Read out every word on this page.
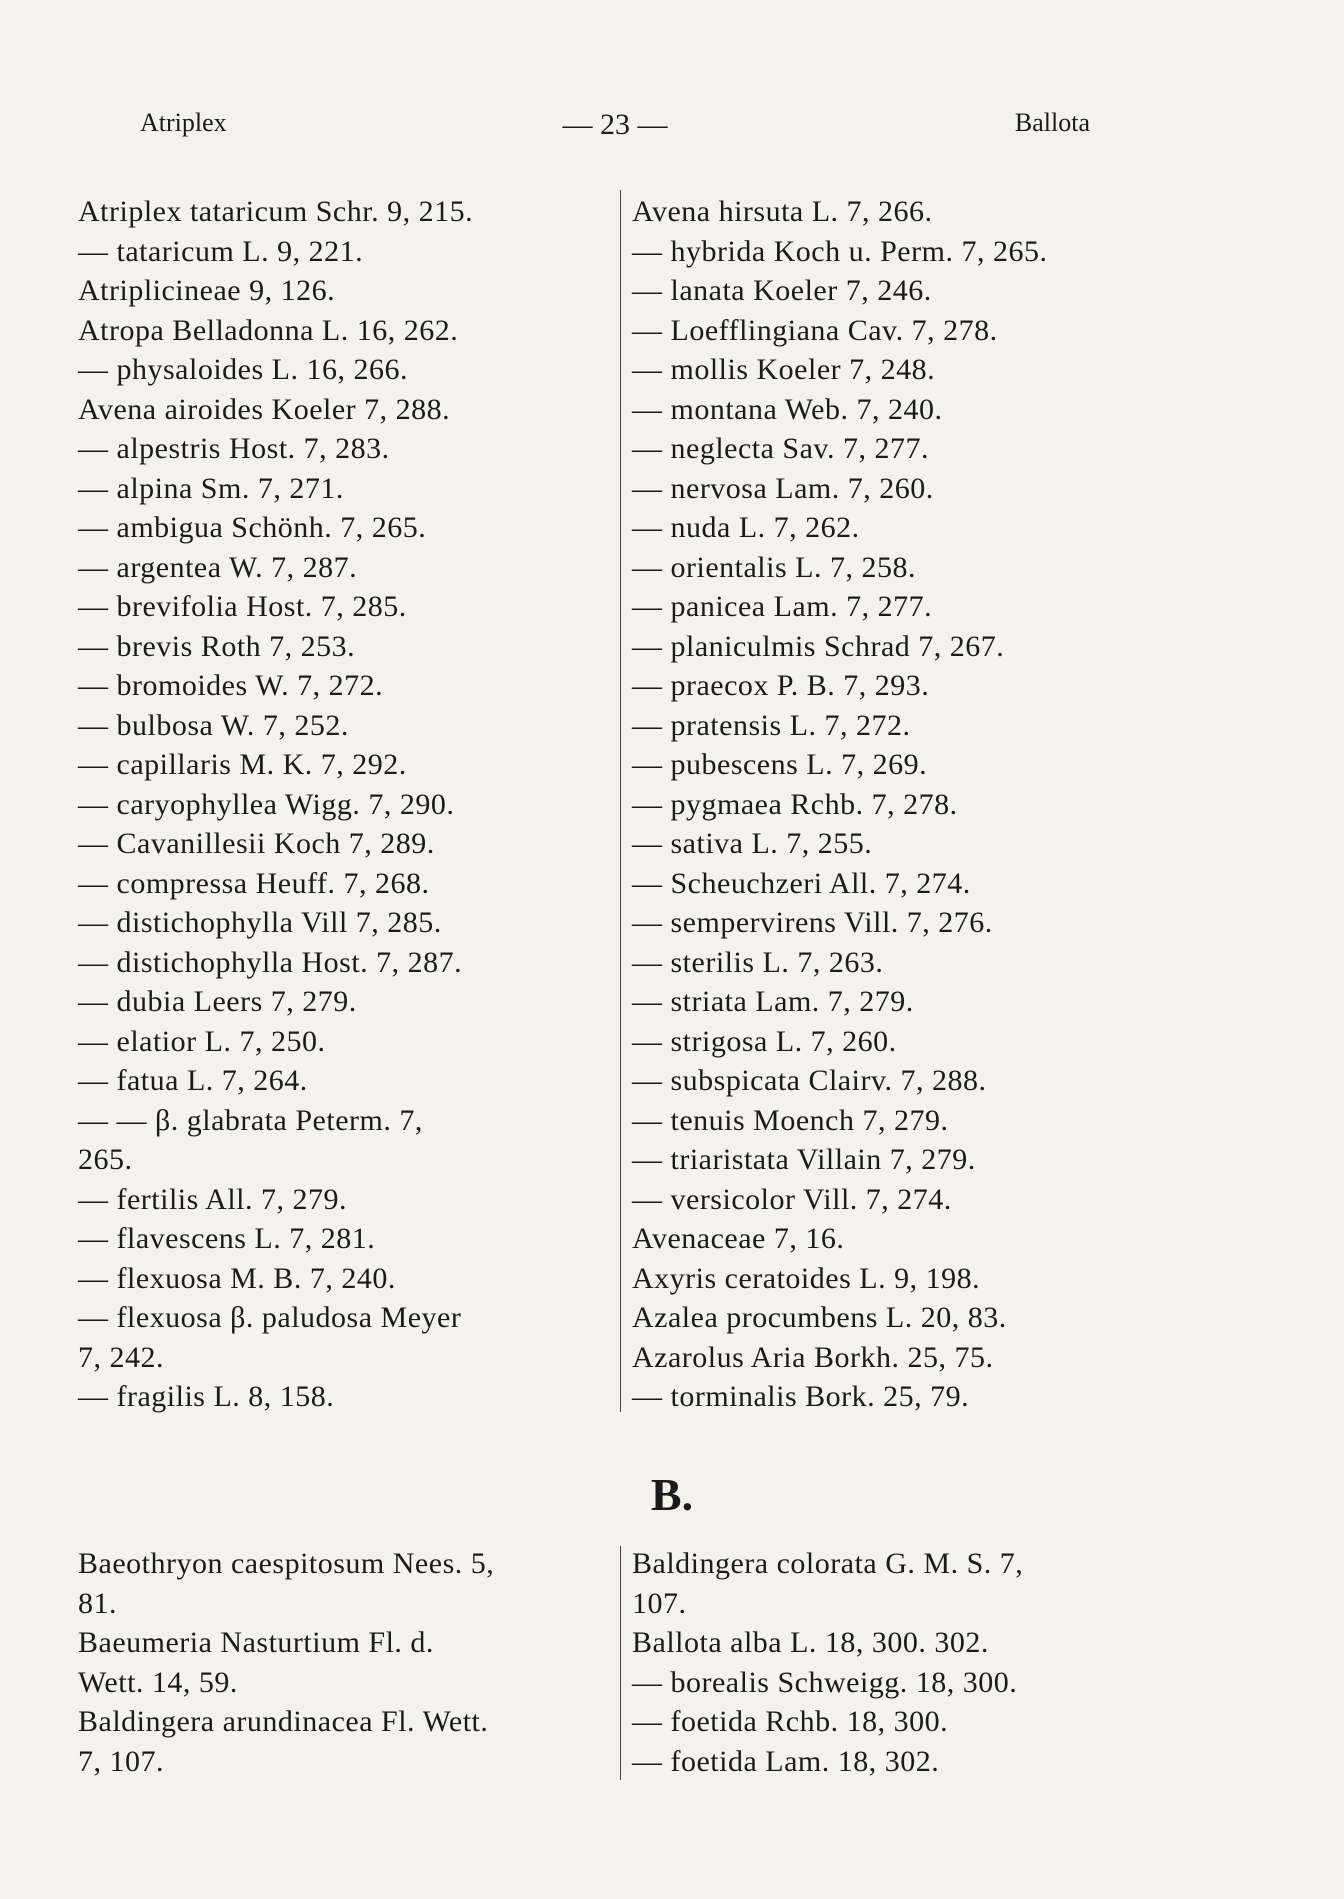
Atriplex	— 23 —	Ballota
Atriplex tataricum Schr. 9, 215.
— tataricum L. 9, 221.
Atriplicineae 9, 126.
Atropa Belladonna L. 16, 262.
— physaloides L. 16, 266.
Avena airoides Koeler 7, 288.
— alpestris Host. 7, 283.
— alpina Sm. 7, 271.
— ambigua Schönh. 7, 265.
— argentea W. 7, 287.
— brevifolia Host. 7, 285.
— brevis Roth 7, 253.
— bromoides W. 7, 272.
— bulbosa W. 7, 252.
— capillaris M. K. 7, 292.
— caryophyllea Wigg. 7, 290.
— Cavanillesii Koch 7, 289.
— compressa Heuff. 7, 268.
— distichophylla Vill 7, 285.
— distichophylla Host. 7, 287.
— dubia Leers 7, 279.
— elatior L. 7, 250.
— fatua L. 7, 264.
— — β. glabrata Peterm. 7,
265.
— fertilis All. 7, 279.
— flavescens L. 7, 281.
— flexuosa M. B. 7, 240.
— flexuosa β. paludosa Meyer
7, 242.
— fragilis L. 8, 158.
Avena hirsuta L. 7, 266.
— hybrida Koch u. Perm. 7, 265.
— lanata Koeler 7, 246.
— Loefflingiana Cav. 7, 278.
— mollis Koeler 7, 248.
— montana Web. 7, 240.
— neglecta Sav. 7, 277.
— nervosa Lam. 7, 260.
— nuda L. 7, 262.
— orientalis L. 7, 258.
— panicea Lam. 7, 277.
— planiculmis Schrad 7, 267.
— praecox P. B. 7, 293.
— pratensis L. 7, 272.
— pubescens L. 7, 269.
— pygmaea Rchb. 7, 278.
— sativa L. 7, 255.
— Scheuchzeri All. 7, 274.
— sempervirens Vill. 7, 276.
— sterilis L. 7, 263.
— striata Lam. 7, 279.
— strigosa L. 7, 260.
— subspicata Clairv. 7, 288.
— tenuis Moench 7, 279.
— triaristata Villain 7, 279.
— versicolor Vill. 7, 274.
Avenaceae 7, 16.
Axyris ceratoides L. 9, 198.
Azalea procumbens L. 20, 83.
Azarolus Aria Borkh. 25, 75.
— torminalis Bork. 25, 79.
B.
Baeothryon caespitosum Nees. 5,
81.
Baeumeria Nasturtium Fl. d.
Wett. 14, 59.
Baldingera arundinacea Fl. Wett.
7, 107.
Baldingera colorata G. M. S. 7,
107.
Ballota alba L. 18, 300. 302.
— borealis Schweigg. 18, 300.
— foetida Rchb. 18, 300.
— foetida Lam. 18, 302.
